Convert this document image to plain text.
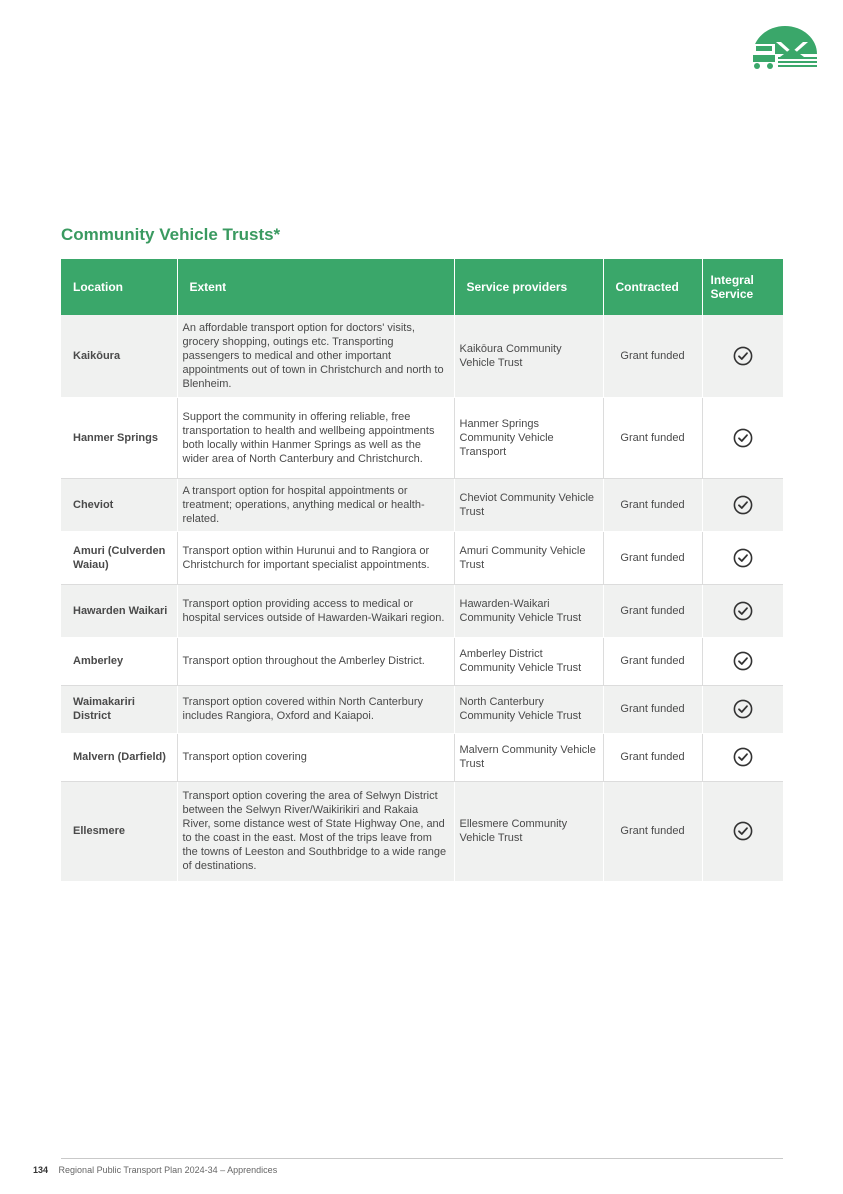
Community Vehicle Trusts*
Location	Extent	Service providers	Contracted	Integral Service
Kaikōura	An affordable transport option for doctors' visits, grocery shopping, outings etc. Transporting passengers to medical and other important appointments out of town in Christchurch and north to Blenheim.	Kaikōura Community Vehicle Trust	Grant funded	
Hanmer Springs	Support the community in offering reliable, free transportation to health and wellbeing appointments both locally within Hanmer Springs as well as the wider area of North Canterbury and Christchurch.	Hanmer Springs Community Vehicle Transport	Grant funded	
Cheviot	A transport option for hospital appointments or treatment; operations, anything medical or health-related.	Cheviot Community Vehicle Trust	Grant funded	
Amuri (Culverden Waiau)	Transport option within Hurunui and to Rangiora or Christchurch for important specialist appointments.	Amuri Community Vehicle Trust	Grant funded	
Hawarden Waikari	Transport option providing access to medical or hospital services outside of Hawarden-Waikari region.	Hawarden-Waikari Community Vehicle Trust	Grant funded	
Amberley	Transport option throughout the Amberley District.	Amberley District Community Vehicle Trust	Grant funded	
Waimakariri District	Transport option covered within North Canterbury includes Rangiora, Oxford and Kaiapoi.	North Canterbury Community Vehicle Trust	Grant funded	
Malvern (Darfield)	Transport option covering	Malvern Community Vehicle Trust	Grant funded	
Ellesmere	Transport option covering the area of Selwyn District between the Selwyn River/Waikirikiri and Rakaia River, some distance west of State Highway One, and to the coast in the east. Most of the trips leave from the towns of Leeston and Southbridge to a wide range of destinations.	Ellesmere Community Vehicle Trust	Grant funded	
134 Regional Public Transport Plan 2024-34 – Apprendices
